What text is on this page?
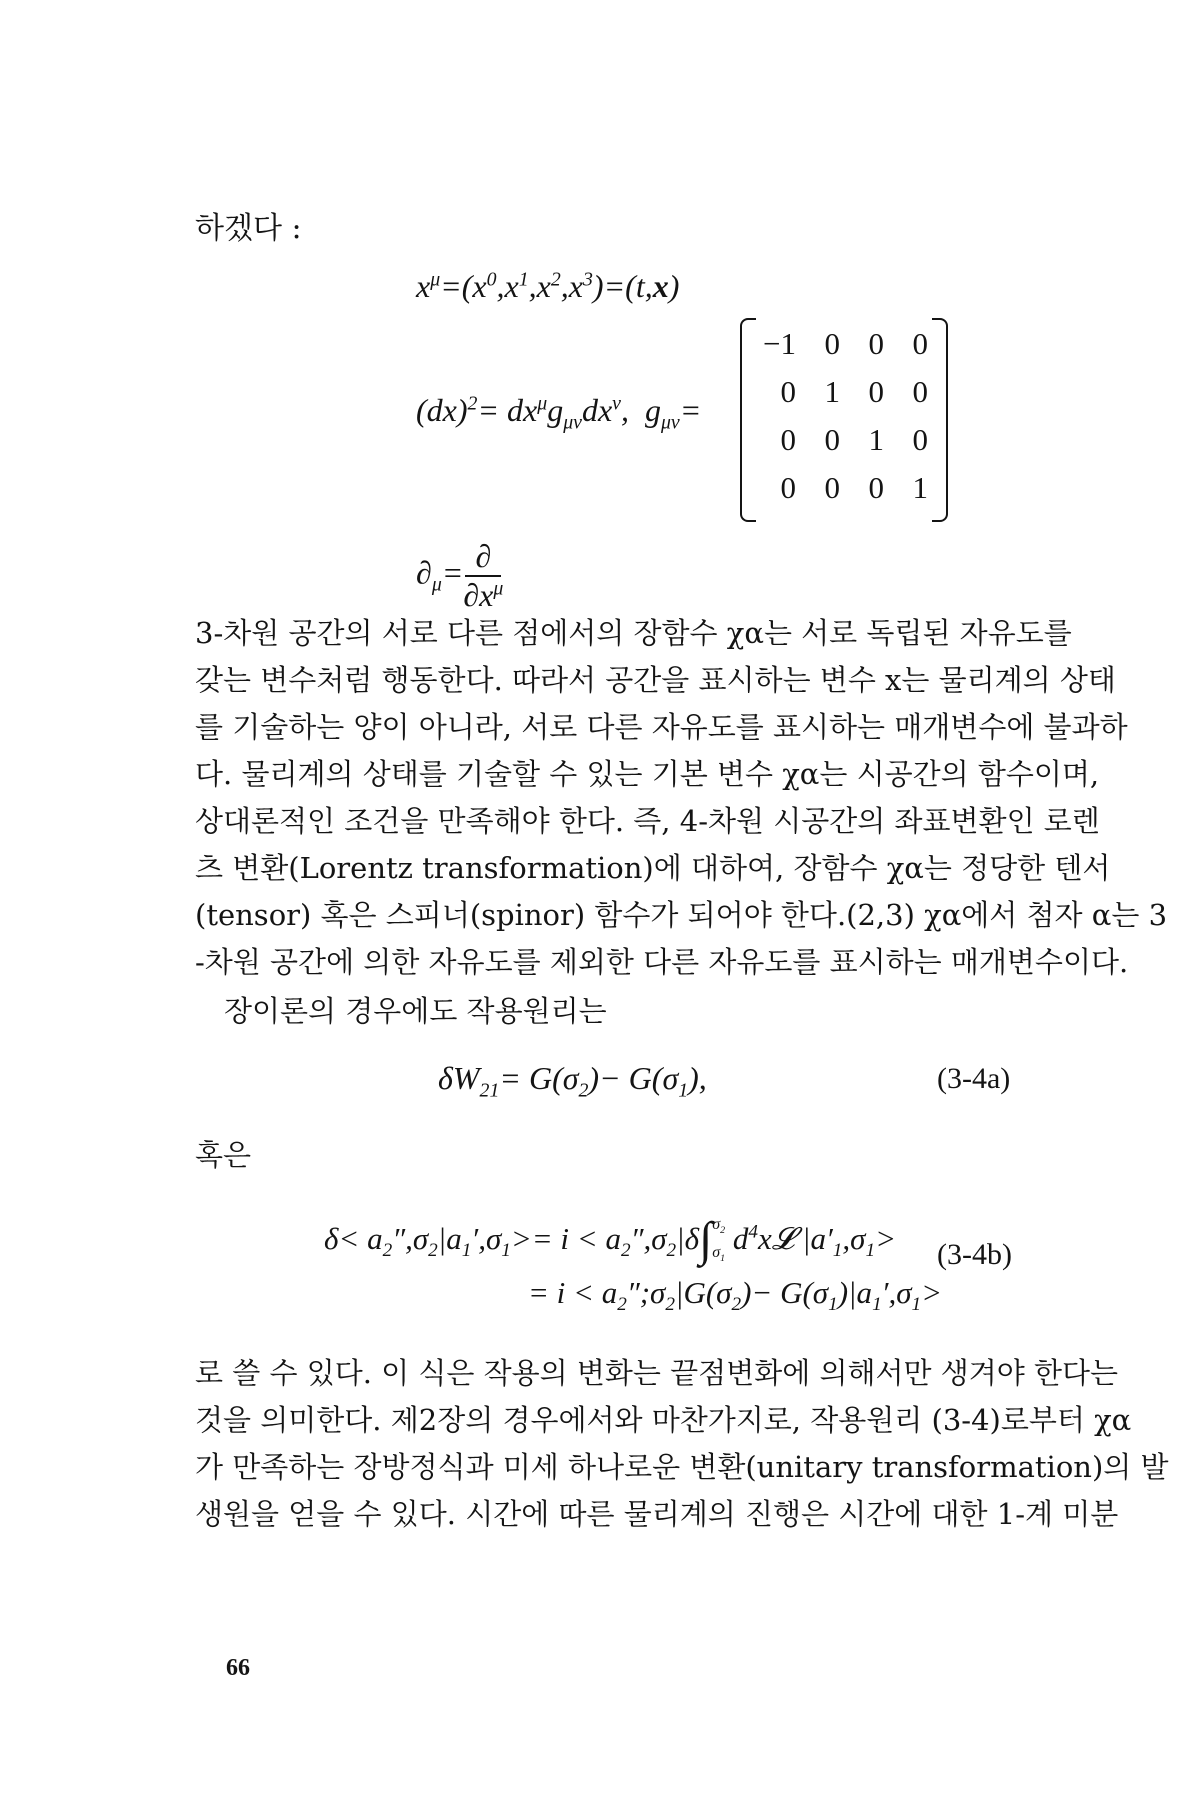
하겠다 :
$x^\mu=(x^0,x^1,x^2,x^3)=(t,x)$
$(dx)^2= dx^\mu g_{\mu\nu}dx^\nu$,  $g_{\mu\nu}=$
−1 0 0 0
0 1 0 0
0 0 1 0
0 0 0 1
$\partial_\mu= \frac{\partial}{\partial x^\mu}$
3-차원 공간의 서로 다른 점에서의 장함수 χα는 서로 독립된 자유도를
갖는 변수처럼 행동한다. 따라서 공간을 표시하는 변수 x는 물리계의 상태
를 기술하는 양이 아니라, 서로 다른 자유도를 표시하는 매개변수에 불과하
다. 물리계의 상태를 기술할 수 있는 기본 변수 χα는 시공간의 함수이며,
상대론적인 조건을 만족해야 한다. 즉, 4-차원 시공간의 좌표변환인 로렌
츠 변환(Lorentz transformation)에 대하여, 장함수 χα는 정당한 텐서
(tensor) 혹은 스피너(spinor) 함수가 되어야 한다.(2,3) χα에서 첨자 α는 3
-차원 공간에 의한 자유도를 제외한 다른 자유도를 표시하는 매개변수이다.
장이론의 경우에도 작용원리는
$\delta W_{21}= G(\sigma_2)- G(\sigma_1)$,	(3-4a)
혹은
$\delta< a_2'',\sigma_2|a_1',\sigma_1>= i < a_2'',\sigma_2|\delta\int$ $\sigma_2$
$\sigma_1$
$d^4x𝓛$ $|a'_1,\sigma_1>$
= $i < a_2'';\sigma_2|G(\sigma_2)- G(\sigma_1)|a_1',\sigma_1>$
(3-4b)
로 쓸 수 있다. 이 식은 작용의 변화는 끝점변화에 의해서만 생겨야 한다는
것을 의미한다. 제2장의 경우에서와 마찬가지로, 작용원리 (3-4)로부터 χα
가 만족하는 장방정식과 미세 하나로운 변환(unitary transformation)의 발
생원을 얻을 수 있다. 시간에 따른 물리계의 진행은 시간에 대한 1-계 미분
66
